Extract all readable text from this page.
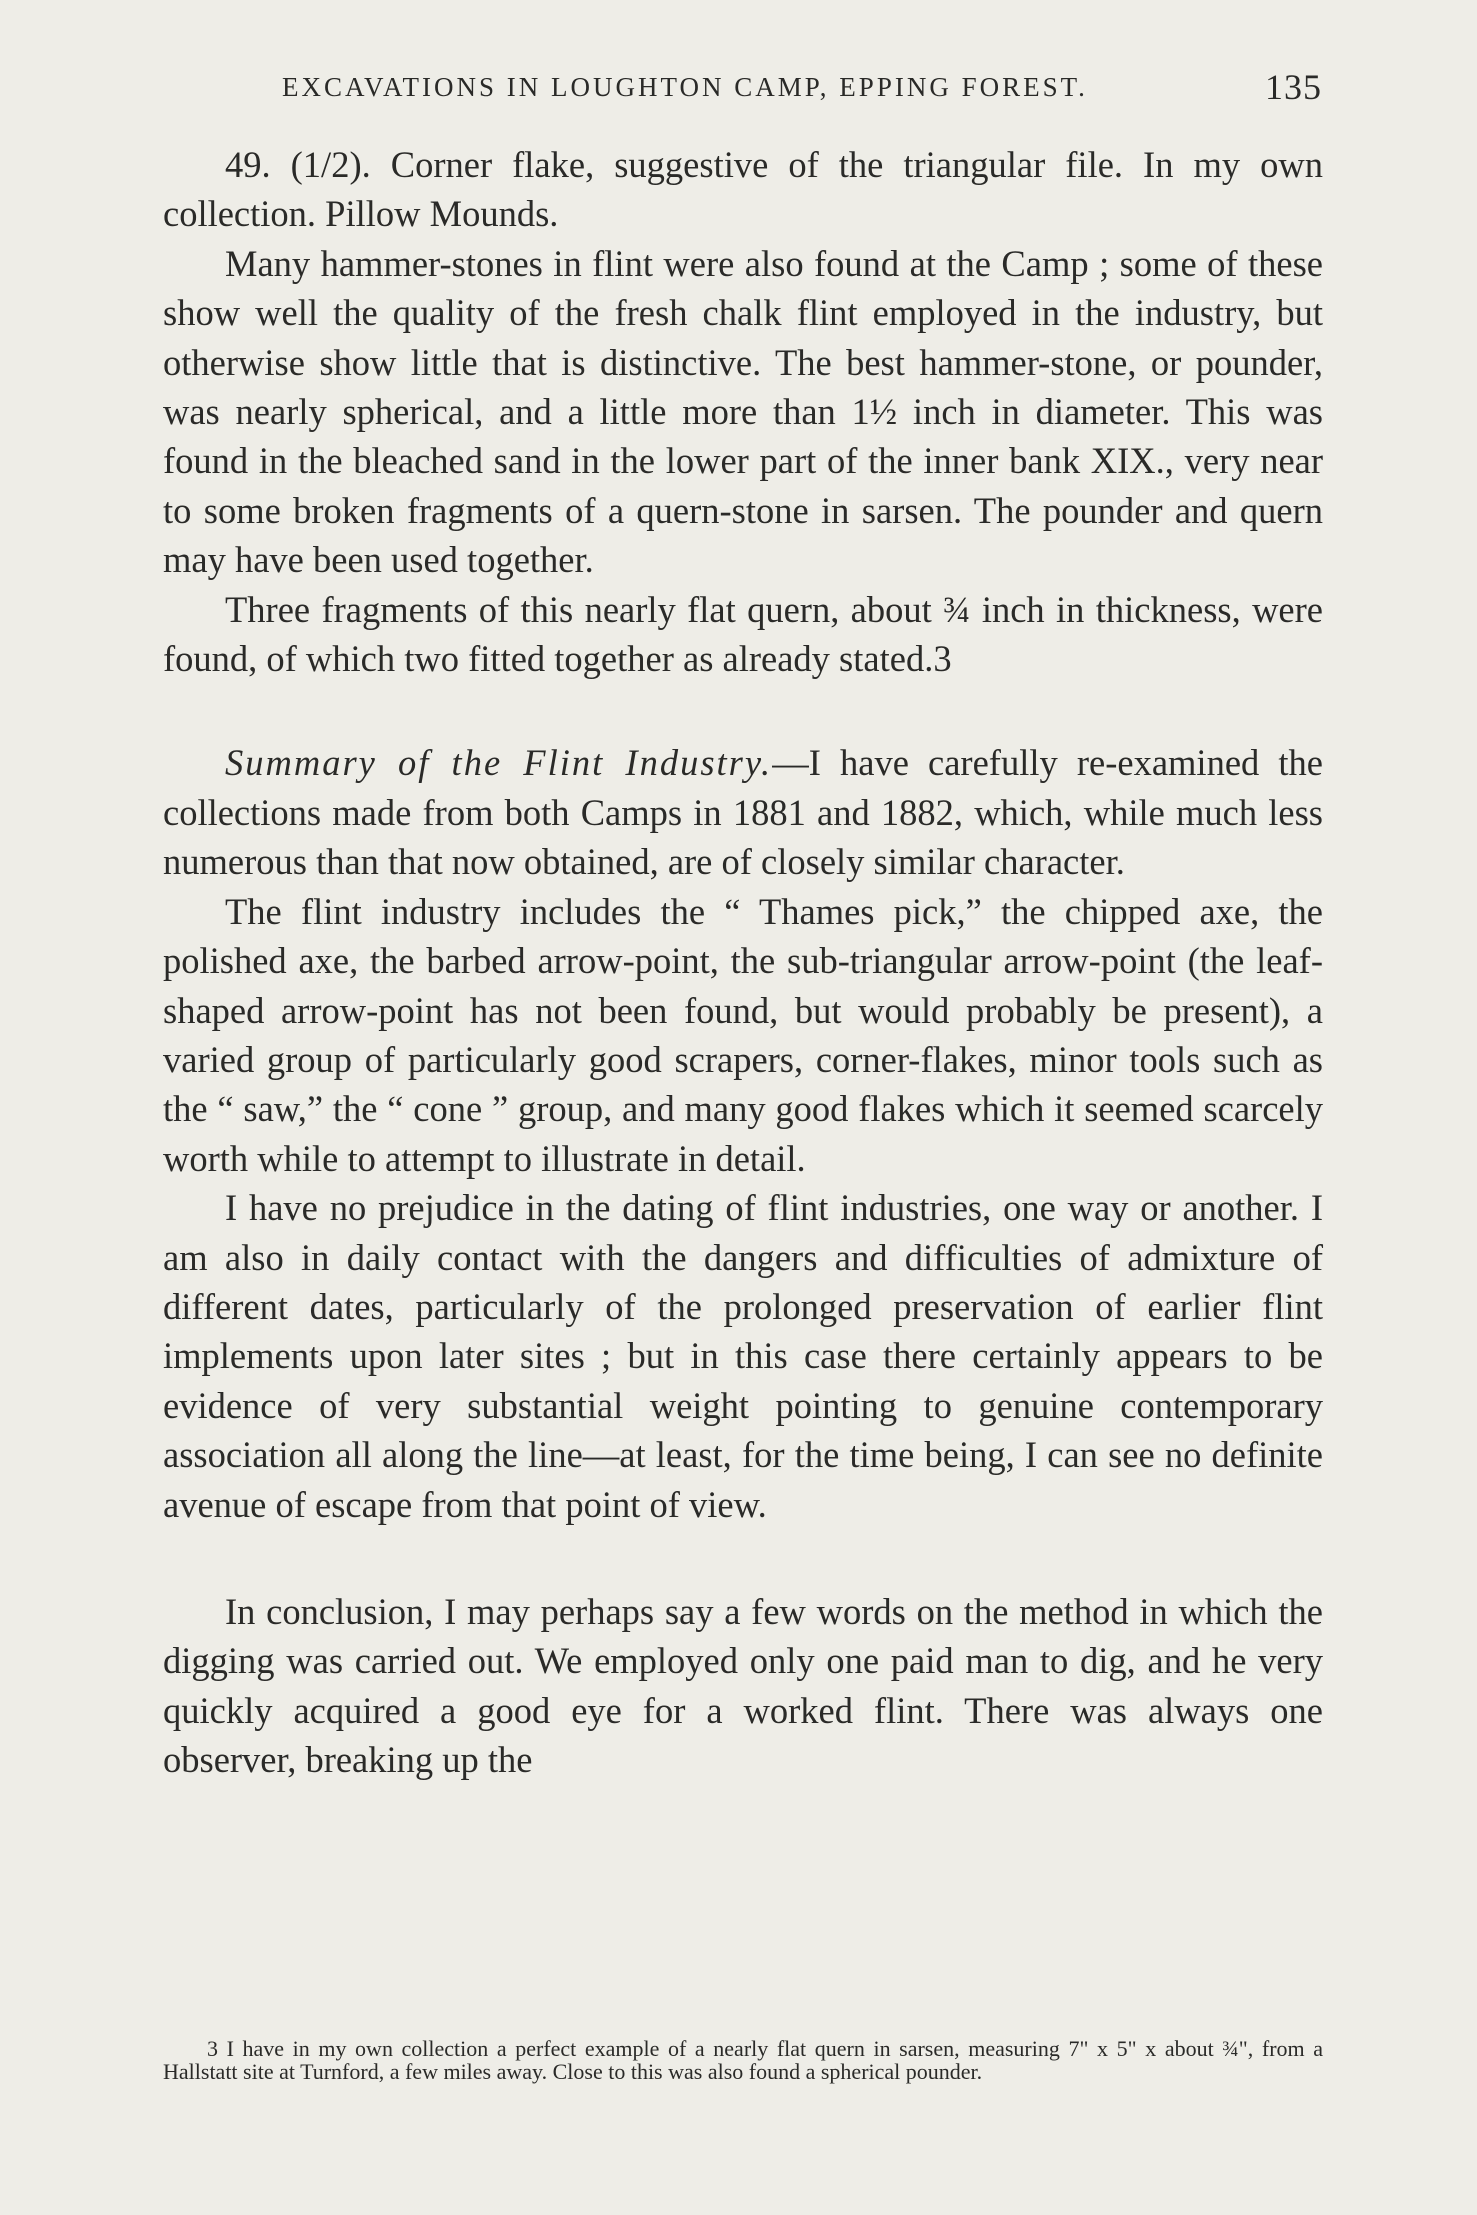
EXCAVATIONS IN LOUGHTON CAMP, EPPING FOREST.	135

49. (1/2). Corner flake, suggestive of the triangular file. In my own collection. Pillow Mounds.

Many hammer-stones in flint were also found at the Camp ; some of these show well the quality of the fresh chalk flint employed in the industry, but otherwise show little that is distinctive. The best hammer-stone, or pounder, was nearly spherical, and a little more than 1½ inch in diameter. This was found in the bleached sand in the lower part of the inner bank XIX., very near to some broken fragments of a quern-stone in sarsen. The pounder and quern may have been used together.

Three fragments of this nearly flat quern, about ¾ inch in thickness, were found, of which two fitted together as already stated.3

Summary of the Flint Industry.—I have carefully re-examined the collections made from both Camps in 1881 and 1882, which, while much less numerous than that now obtained, are of closely similar character.

The flint industry includes the “ Thames pick,” the chipped axe, the polished axe, the barbed arrow-point, the sub-triangular arrow-point (the leaf-shaped arrow-point has not been found, but would probably be present), a varied group of particularly good scrapers, corner-flakes, minor tools such as the “ saw,” the “ cone ” group, and many good flakes which it seemed scarcely worth while to attempt to illustrate in detail.

I have no prejudice in the dating of flint industries, one way or another. I am also in daily contact with the dangers and difficulties of admixture of different dates, particularly of the prolonged preservation of earlier flint implements upon later sites ; but in this case there certainly appears to be evidence of very substantial weight pointing to genuine contemporary association all along the line—at least, for the time being, I can see no definite avenue of escape from that point of view.

In conclusion, I may perhaps say a few words on the method in which the digging was carried out. We employed only one paid man to dig, and he very quickly acquired a good eye for a worked flint. There was always one observer, breaking up the

3 I have in my own collection a perfect example of a nearly flat quern in sarsen, measuring 7" x 5" x about ¾", from a Hallstatt site at Turnford, a few miles away. Close to this was also found a spherical pounder.
